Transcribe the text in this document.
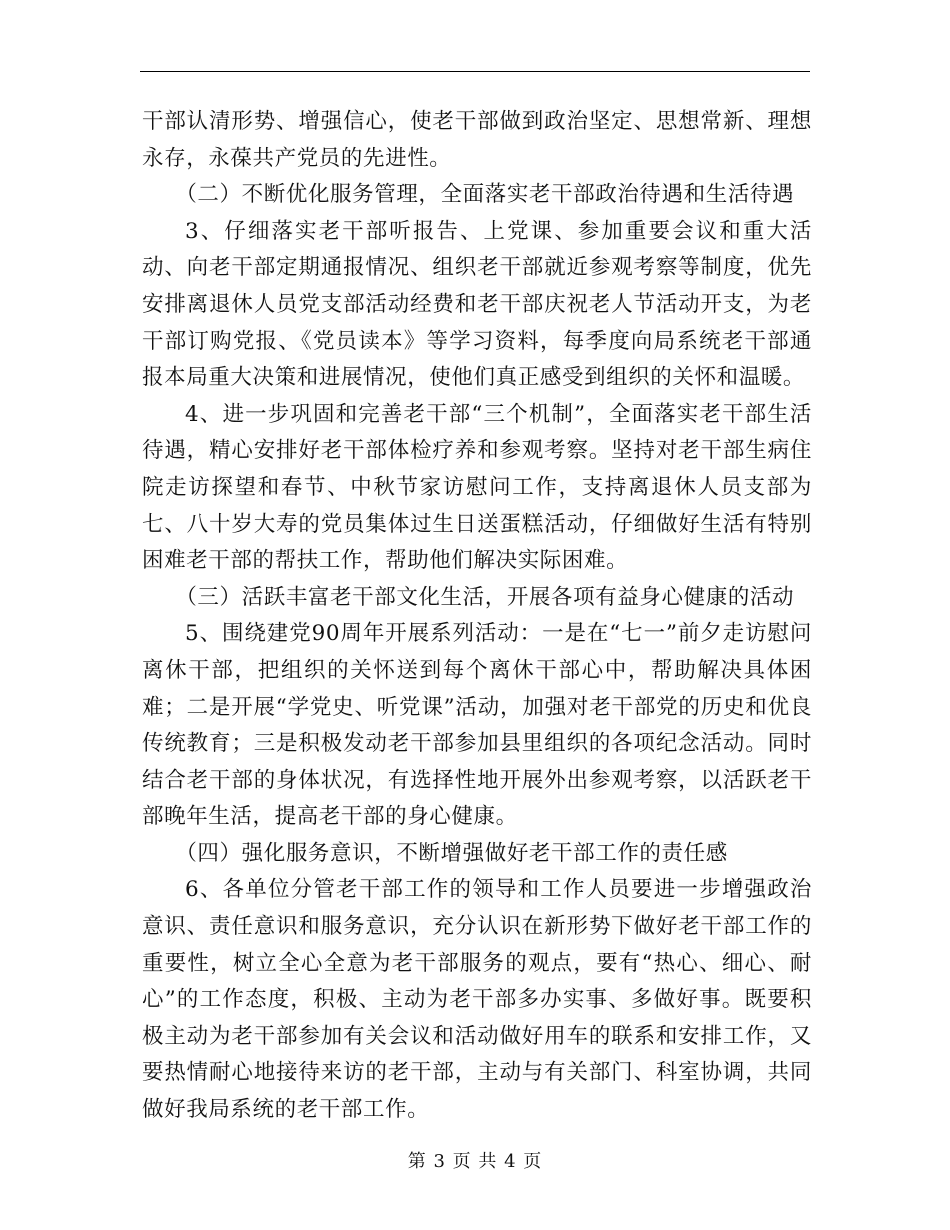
干部认清形势、增强信心，使老干部做到政治坚定、思想常新、理想永存，永葆共产党员的先进性。

（二）不断优化服务管理，全面落实老干部政治待遇和生活待遇

3、仔细落实老干部听报告、上党课、参加重要会议和重大活动、向老干部定期通报情况、组织老干部就近参观考察等制度，优先安排离退休人员党支部活动经费和老干部庆祝老人节活动开支，为老干部订购党报、《党员读本》等学习资料，每季度向局系统老干部通报本局重大决策和进展情况，使他们真正感受到组织的关怀和温暖。

4、进一步巩固和完善老干部“三个机制”，全面落实老干部生活待遇，精心安排好老干部体检疗养和参观考察。坚持对老干部生病住院走访探望和春节、中秋节家访慰问工作，支持离退休人员支部为七、八十岁大寿的党员集体过生日送蛋糕活动，仔细做好生活有特别困难老干部的帮扶工作，帮助他们解决实际困难。

（三）活跃丰富老干部文化生活，开展各项有益身心健康的活动

5、围绕建党90周年开展系列活动：一是在“七一”前夕走访慰问离休干部，把组织的关怀送到每个离休干部心中，帮助解决具体困难；二是开展“学党史、听党课”活动，加强对老干部党的历史和优良传统教育；三是积极发动老干部参加县里组织的各项纪念活动。同时结合老干部的身体状况，有选择性地开展外出参观考察，以活跃老干部晚年生活，提高老干部的身心健康。

（四）强化服务意识，不断增强做好老干部工作的责任感

6、各单位分管老干部工作的领导和工作人员要进一步增强政治意识、责任意识和服务意识，充分认识在新形势下做好老干部工作的重要性，树立全心全意为老干部服务的观点，要有“热心、细心、耐心”的工作态度，积极、主动为老干部多办实事、多做好事。既要积极主动为老干部参加有关会议和活动做好用车的联系和安排工作，又要热情耐心地接待来访的老干部，主动与有关部门、科室协调，共同做好我局系统的老干部工作。

第 3 页 共 4 页
